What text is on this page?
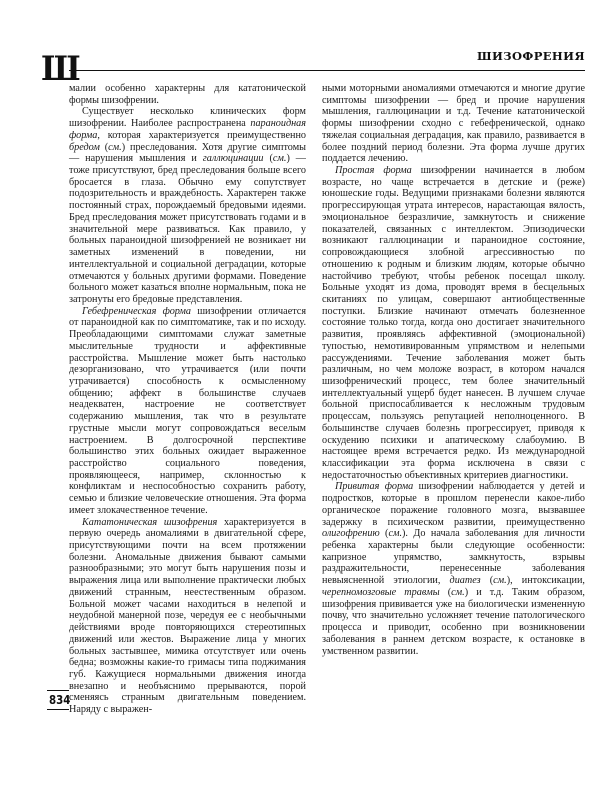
Ш	ШИЗОФРЕНИЯ

малии особенно характерны для кататонической формы шизофрении.

Существует несколько клинических форм шизофрении. Наиболее распространена параноидная форма, которая характеризуется преимущественно бредом (см.) преследования. Хотя другие симптомы — нарушения мышления и галлюцинации (см.) — тоже присутствуют, бред преследования больше всего бросается в глаза. Обычно ему сопутствует подозрительность и враждебность. Характерен также постоянный страх, порождаемый бредовыми идеями. Бред преследования может присутствовать годами и в значительной мере развиваться. Как правило, у больных параноидной шизофренией не возникает ни заметных изменений в поведении, ни интеллектуальной и социальной деградации, которые отмечаются у больных другими формами. Поведение больного может казаться вполне нормальным, пока не затронуты его бредовые представления.

Гебефреническая форма шизофрении отличается от параноидной как по симптоматике, так и по исходу. Преобладающими симптомами служат заметные мыслительные трудности и аффективные расстройства. Мышление может быть настолько дезорганизовано, что утрачивается (или почти утрачивается) способность к осмысленному общению; аффект в большинстве случаев неадекватен, настроение не соответствует содержанию мышления, так что в результате грустные мысли могут сопровождаться веселым настроением. В долгосрочной перспективе большинство этих больных ожидает выраженное расстройство социального поведения, проявляющееся, например, склонностью к конфликтам и неспособностью сохранить работу, семью и близкие человеческие отношения. Эта форма имеет злокачественное течение.

Кататоническая шизофрения характеризуется в первую очередь аномалиями в двигательной сфере, присутствующими почти на всем протяжении болезни. Аномальные движения бывают самыми разнообразными; это могут быть нарушения позы и выражения лица или выполнение практически любых движений странным, неестественным образом. Больной может часами находиться в нелепой и неудобной манерной позе, чередуя ее с необычными действиями вроде повторяющихся стереотипных движений или жестов. Выражение лица у многих больных застывшее, мимика отсутствует или очень бедна; возможны какие-то гримасы типа поджимания губ. Кажущиеся нормальными движения иногда внезапно и необъяснимо прерываются, порой сменяясь странным двигательным поведением. Наряду с выражен-

ными моторными аномалиями отмечаются и многие другие симптомы шизофрении — бред и прочие нарушения мышления, галлюцинации и т.д. Течение кататонической формы шизофрении сходно с гебефренической, однако тяжелая социальная деградация, как правило, развивается в более поздний период болезни. Эта форма лучше других поддается лечению.

Простая форма шизофрении начинается в любом возрасте, но чаще встречается в детские и (реже) юношеские годы. Ведущими признаками болезни являются прогрессирующая утрата интересов, нарастающая вялость, эмоциональное безразличие, замкнутость и снижение показателей, связанных с интеллектом. Эпизодически возникают галлюцинации и параноидное состояние, сопровождающиеся злобной агрессивностью по отношению к родным и близким людям, которые обычно настойчиво требуют, чтобы ребенок посещал школу. Больные уходят из дома, проводят время в бесцельных скитаниях по улицам, совершают антиобщественные поступки. Близкие начинают отмечать болезненное состояние только тогда, когда оно достигает значительного развития, проявляясь аффективной (эмоциональной) тупостью, немотивированным упрямством и нелепыми рассуждениями. Течение заболевания может быть различным, но чем моложе возраст, в котором начался шизофренический процесс, тем более значительный интеллектуальный ущерб будет нанесен. В лучшем случае больной приспосабливается к несложным трудовым процессам, пользуясь репутацией неполноценного. В большинстве случаев болезнь прогрессирует, приводя к оскудению психики и апатическому слабоумию. В настоящее время встречается редко. Из международной классификации эта форма исключена в связи с недостаточностью объективных критериев диагностики.

Привитая форма шизофрении наблюдается у детей и подростков, которые в прошлом перенесли какое-либо органическое поражение головного мозга, вызвавшее задержку в психическом развитии, преимущественно олигофрению (см.). До начала заболевания для личности ребенка характерны были следующие особенности: капризное упрямство, замкнутость, взрывы раздражительности, перенесенные заболевания невыясненной этиологии, диатез (см.), интоксикации, черепномозговые травмы (см.) и т.д. Таким образом, шизофрения прививается уже на биологически измененную почву, что значительно усложняет течение патологического процесса и приводит, особенно при возникновении заболевания в раннем детском возрасте, к остановке в умственном развитии.

834
